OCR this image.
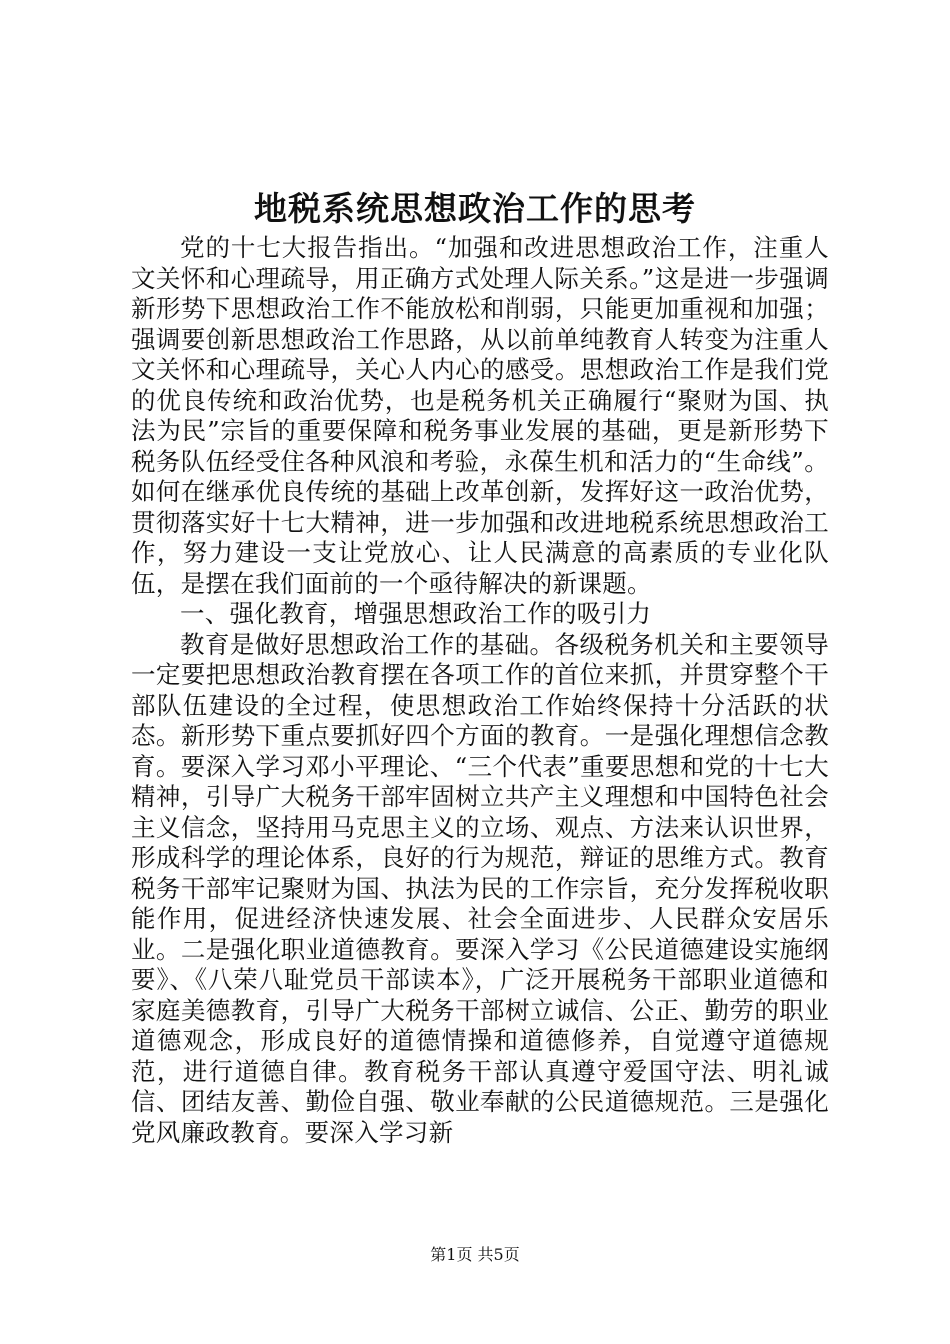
地税系统思想政治工作的思考

党的十七大报告指出。“加强和改进思想政治工作，注重人文关怀和心理疏导，用正确方式处理人际关系。”这是进一步强调新形势下思想政治工作不能放松和削弱，只能更加重视和加强；强调要创新思想政治工作思路，从以前单纯教育人转变为注重人文关怀和心理疏导，关心人内心的感受。思想政治工作是我们党的优良传统和政治优势，也是税务机关正确履行“聚财为国、执法为民”宗旨的重要保障和税务事业发展的基础，更是新形势下税务队伍经受住各种风浪和考验，永葆生机和活力的“生命线”。如何在继承优良传统的基础上改革创新，发挥好这一政治优势，贯彻落实好十七大精神，进一步加强和改进地税系统思想政治工作，努力建设一支让党放心、让人民满意的高素质的专业化队伍，是摆在我们面前的一个亟待解决的新课题。

一、强化教育，增强思想政治工作的吸引力

教育是做好思想政治工作的基础。各级税务机关和主要领导一定要把思想政治教育摆在各项工作的首位来抓，并贯穿整个干部队伍建设的全过程，使思想政治工作始终保持十分活跃的状态。新形势下重点要抓好四个方面的教育。一是强化理想信念教育。要深入学习邓小平理论、“三个代表”重要思想和党的十七大精神，引导广大税务干部牢固树立共产主义理想和中国特色社会主义信念，坚持用马克思主义的立场、观点、方法来认识世界，形成科学的理论体系，良好的行为规范，辩证的思维方式。教育税务干部牢记聚财为国、执法为民的工作宗旨，充分发挥税收职能作用，促进经济快速发展、社会全面进步、人民群众安居乐业。二是强化职业道德教育。要深入学习《公民道德建设实施纲要》、《八荣八耻党员干部读本》，广泛开展税务干部职业道德和家庭美德教育，引导广大税务干部树立诚信、公正、勤劳的职业道德观念，形成良好的道德情操和道德修养，自觉遵守道德规范，进行道德自律。教育税务干部认真遵守爱国守法、明礼诚信、团结友善、勤俭自强、敬业奉献的公民道德规范。三是强化党风廉政教育。要深入学习新

第1页 共5页
